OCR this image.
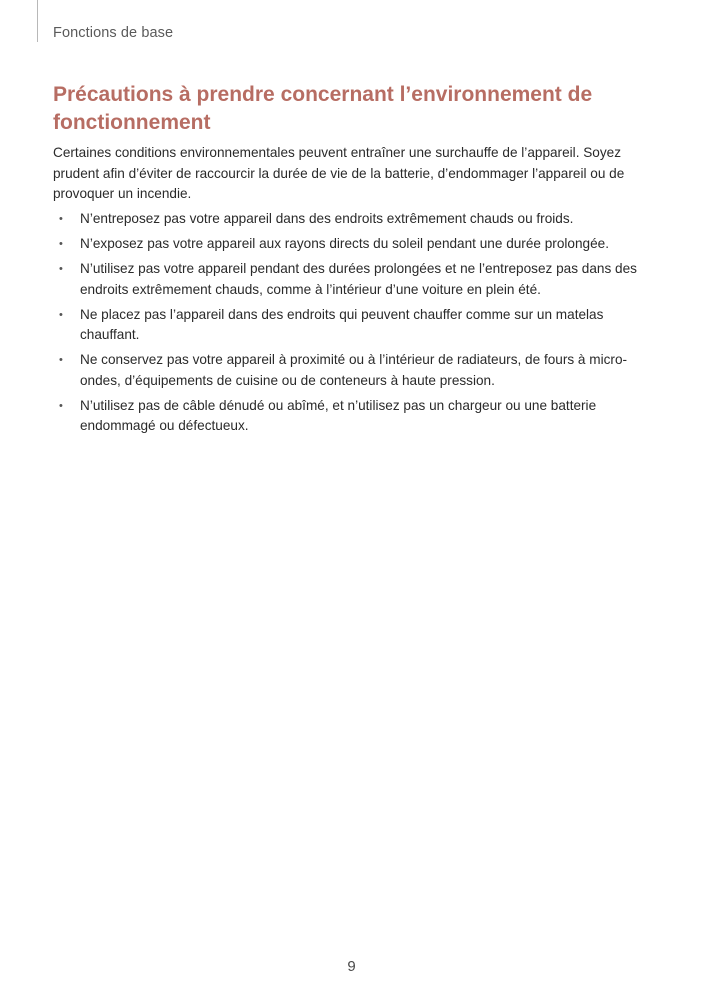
Fonctions de base
Précautions à prendre concernant l’environnement de fonctionnement

Certaines conditions environnementales peuvent entraîner une surchauffe de l’appareil. Soyez prudent afin d’éviter de raccourcir la durée de vie de la batterie, d’endommager l’appareil ou de provoquer un incendie.

•	N’entreposez pas votre appareil dans des endroits extrêmement chauds ou froids.
•	N’exposez pas votre appareil aux rayons directs du soleil pendant une durée prolongée.
•	N’utilisez pas votre appareil pendant des durées prolongées et ne l’entreposez pas dans des endroits extrêmement chauds, comme à l’intérieur d’une voiture en plein été.
•	Ne placez pas l’appareil dans des endroits qui peuvent chauffer comme sur un matelas chauffant.
•	Ne conservez pas votre appareil à proximité ou à l’intérieur de radiateurs, de fours à micro-ondes, d’équipements de cuisine ou de conteneurs à haute pression.
•	N’utilisez pas de câble dénudé ou abîmé, et n’utilisez pas un chargeur ou une batterie endommagé ou défectueux.
9
